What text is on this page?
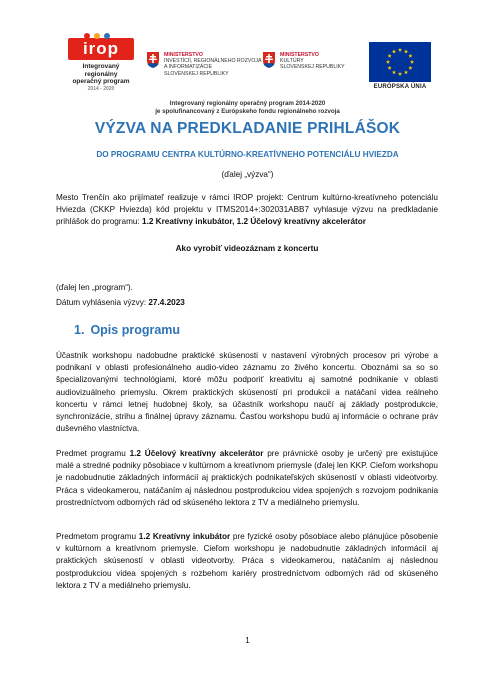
irop
Integrovaný regionálny
operačný program
2014 - 2020
MINISTERSTVO
INVESTÍCIÍ, REGIONÁLNEHO ROZVOJA
A INFORMATIZÁCIE
SLOVENSKEJ REPUBLIKY
MINISTERSTVO
KULTÚRY
SLOVENSKEJ REPUBLIKY
EURÓPSKA ÚNIA
Integrovaný regionálny operačný program 2014-2020
je spolufinancovaný z Európskeho fondu regionálneho rozvoja
VÝZVA NA PREDKLADANIE PRIHLÁŠOK
DO PROGRAMU CENTRA KULTÚRNO-KREATÍVNEHO POTENCIÁLU HVIEZDA
(ďalej „výzva“)
Mesto Trenčín ako prijímateľ realizuje v rámci IROP projekt: Centrum kultúrno-kreatívneho potenciálu Hviezda (CKKP Hviezda) kód projektu v ITMS2014+:302031ABB7 vyhlasuje výzvu na predkladanie prihlášok do programu: 1.2 Kreatívny inkubátor, 1.2 Účelový kreatívny akcelerátor
Ako vyrobiť videozáznam z koncertu
(ďalej len „program“).
Dátum vyhlásenia výzvy: 27.4.2023
1. Opis programu
Účastník workshopu nadobudne praktické skúsenosti v nastavení výrobných procesov pri výrobe a podnikaní v oblasti profesionálneho audio-video záznamu zo živého koncertu. Oboznámi sa so so špecializovanými technológiami, ktoré môžu podporiť kreativitu aj samotné podnikanie v oblasti audiovizuálneho priemyslu. Okrem praktických skúseností pri produkcii a natáčaní videa reálneho koncertu v rámci letnej hudobnej školy, sa účastník workshopu naučí aj základy postprodukcie, synchronizácie, strihu a finálnej úpravy záznamu. Časťou workshopu budú aj informácie o ochrane práv duševného vlastníctva.
Predmet programu 1.2 Účelový kreatívny akcelerátor pre právnické osoby je určený pre existujúce malé a stredné podniky pôsobiace v kultúrnom a kreatívnom priemysle (ďalej len KKP. Cieľom workshopu je nadobudnutie základných informácií aj praktických podnikateľských skúseností v oblasti videotvorby. Práca s videokamerou, natáčaním aj následnou postprodukciou videa spojených s rozvojom podnikania prostredníctvom odborných rád od skúseného lektora z TV a mediálneho priemyslu.
Predmetom programu 1.2 Kreatívny inkubátor pre fyzické osoby pôsobiace alebo plánujúce pôsobenie v kultúrnom a kreatívnom priemysle. Cieľom workshopu je nadobudnutie základných informácií aj praktických skúseností v oblasti videotvorby. Práca s videokamerou, natáčaním aj následnou postprodukciou videa spojených s rozbehom kariéry prostredníctvom odborných rád od skúseného lektora z TV a mediálneho priemyslu.
1
